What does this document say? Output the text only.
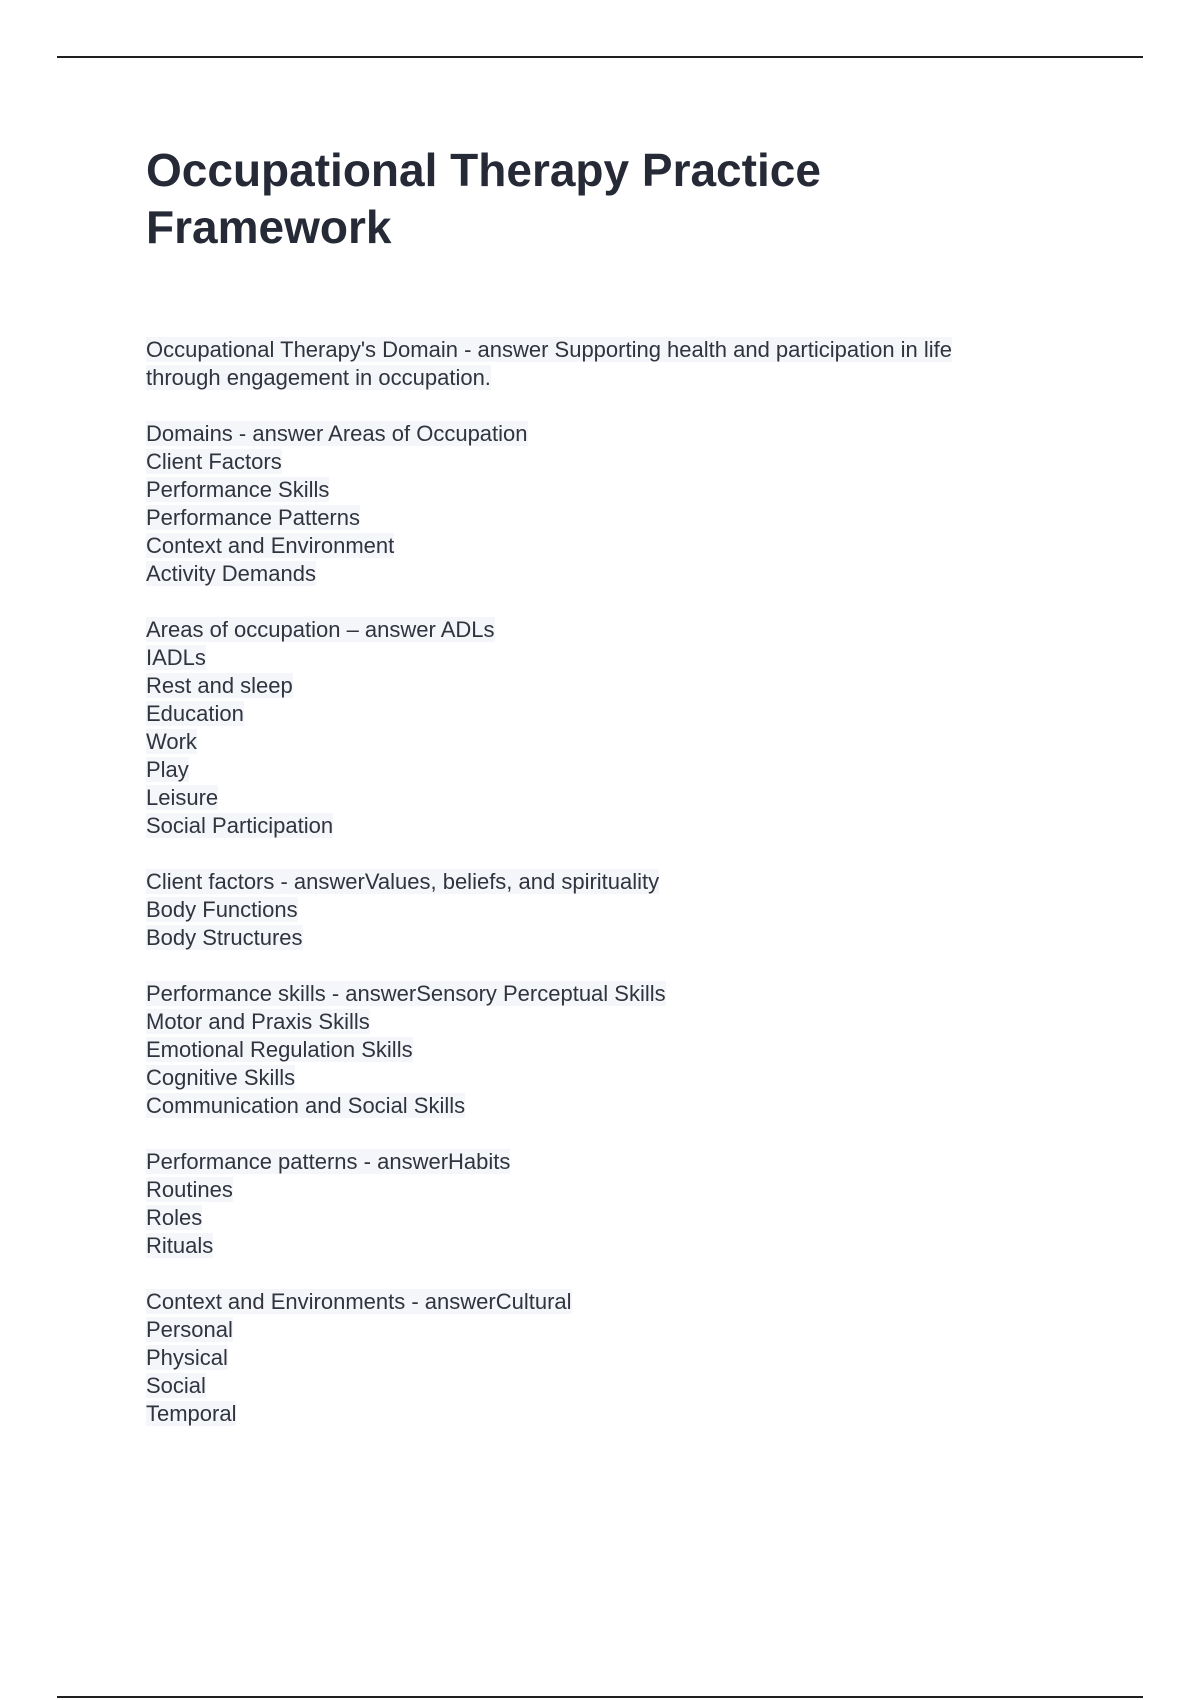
Occupational Therapy Practice Framework
Occupational Therapy's Domain - answer Supporting health and participation in life
through engagement in occupation.
Domains - answer Areas of Occupation
Client Factors
Performance Skills
Performance Patterns
Context and Environment
Activity Demands
Areas of occupation – answer ADLs
IADLs
Rest and sleep
Education
Work
Play
Leisure
Social Participation
Client factors - answerValues, beliefs, and spirituality
Body Functions
Body Structures
Performance skills - answerSensory Perceptual Skills
Motor and Praxis Skills
Emotional Regulation Skills
Cognitive Skills
Communication and Social Skills
Performance patterns - answerHabits
Routines
Roles
Rituals
Context and Environments - answerCultural
Personal
Physical
Social
Temporal
